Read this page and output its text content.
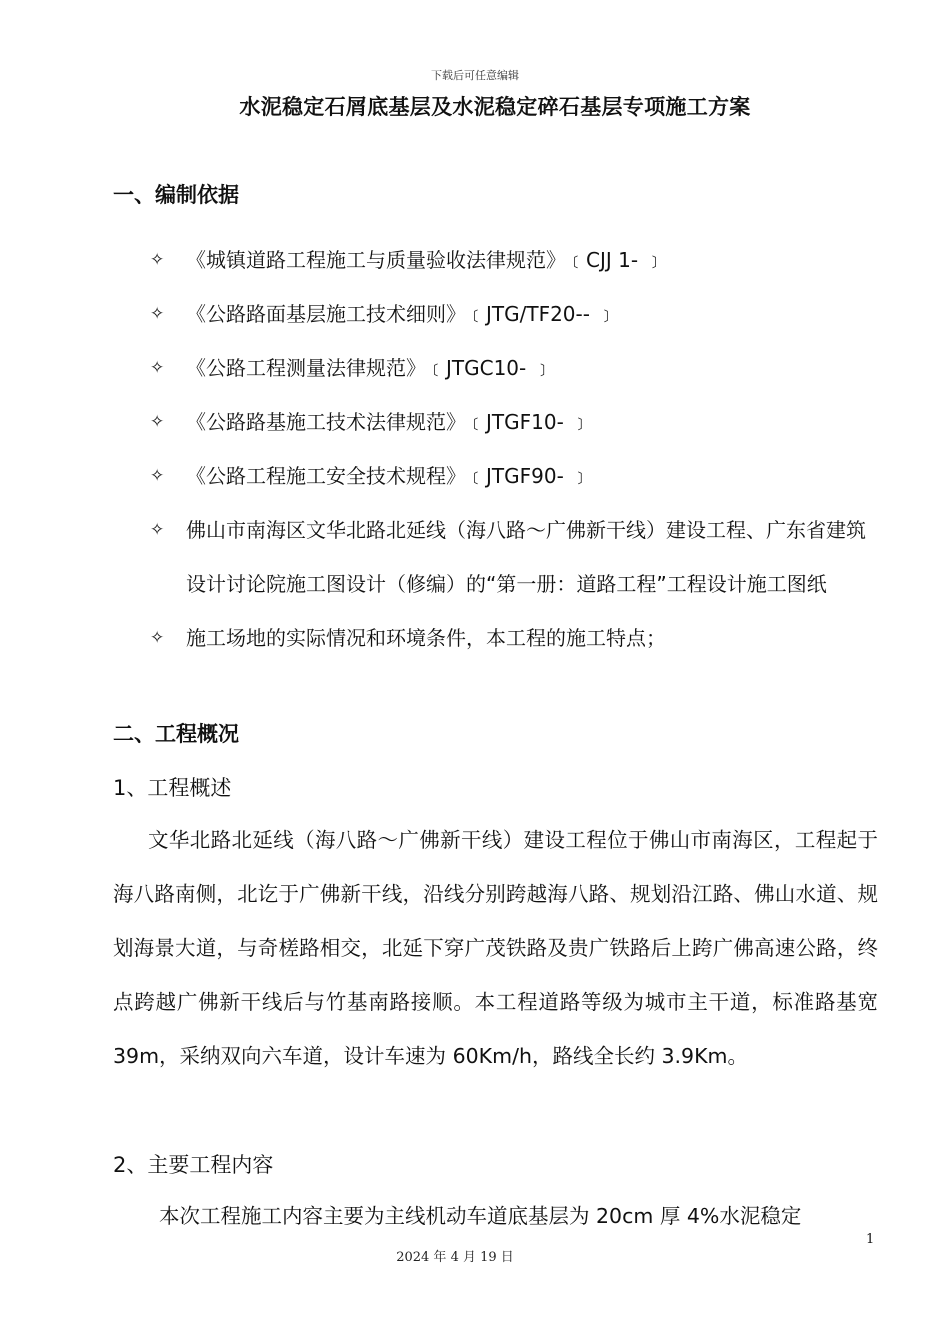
下载后可任意编辑
水泥稳定石屑底基层及水泥稳定碎石基层专项施工方案
一、编制依据
✧ 《城镇道路工程施工与质量验收法律规范》﹝CJJ 1- ﹞
✧ 《公路路面基层施工技术细则》﹝JTG/TF20-- ﹞
✧ 《公路工程测量法律规范》﹝JTGC10- ﹞
✧ 《公路路基施工技术法律规范》﹝JTGF10- ﹞
✧ 《公路工程施工安全技术规程》﹝JTGF90- ﹞
✧ 佛山市南海区文华北路北延线（海八路～广佛新干线）建设工程、广东省建筑设计讨论院施工图设计（修编）的“第一册：道路工程”工程设计施工图纸
✧ 施工场地的实际情况和环境条件，本工程的施工特点；
二、工程概况
1、工程概述

文华北路北延线（海八路～广佛新干线）建设工程位于佛山市南海区，工程起于海八路南侧，北讫于广佛新干线，沿线分别跨越海八路、规划沿江路、佛山水道、规划海景大道，与奇槎路相交，北延下穿广茂铁路及贵广铁路后上跨广佛高速公路，终点跨越广佛新干线后与竹基南路接顺。本工程道路等级为城市主干道，标准路基宽 39m，采纳双向六车道，设计车速为 60Km/h，路线全长约 3.9Km。

2、主要工程内容

本次工程施工内容主要为主线机动车道底基层为 20cm 厚 4%水泥稳定

1
2024 年 4 月 19 日
